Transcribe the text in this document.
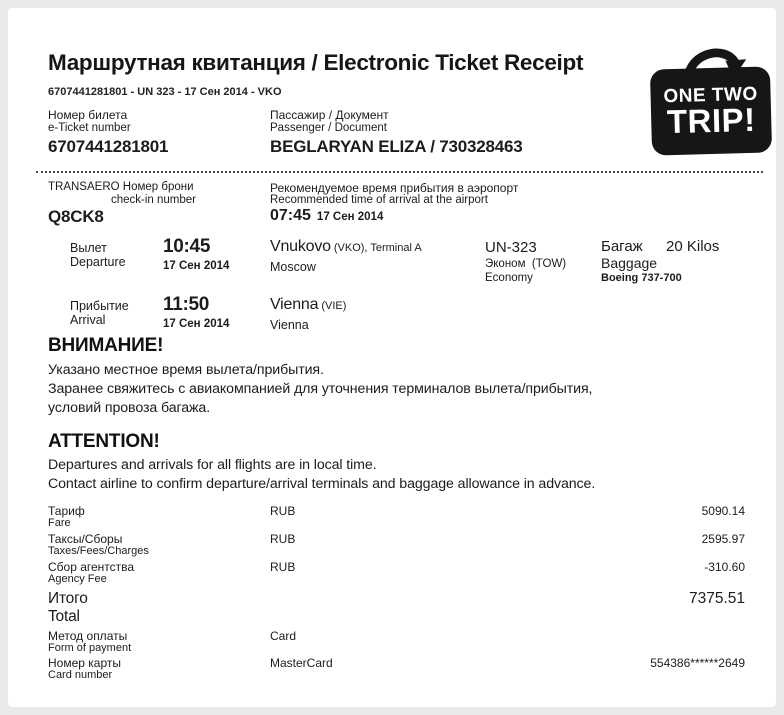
Маршрутная квитанция / Electronic Ticket Receipt
6707441281801 - UN 323 - 17 Сен 2014 - VKO	ONE TWO
TRIP!
Номер билета
e-Ticket number
6707441281801
Пассажир / Документ
Passenger / Document
BEGLARYAN ELIZA / 730328463
TRANSAERO Номер брони
check-in number
Q8CK8
Рекомендуемое время прибытия в аэропорт
Recommended time of arrival at the airport
07:45 17 Сен 2014
Вылет
Departure
10:45
17 Сен 2014
Vnukovo (VKO), Terminal A
Moscow
UN-323
Эконом  (TOW)
Economy
Багаж 20 Kilos
Baggage
Boeing 737-700
Прибытие
Arrival
11:50
17 Сен 2014
Vienna (VIE)
Vienna
ВНИМАНИЕ!
Указано местное время вылета/прибытия.
Заранее свяжитесь с авиакомпанией для уточнения терминалов вылета/прибытия,
условий провоза багажа.
ATTENTION!
Departures and arrivals for all flights are in local time.
Contact airline to confirm departure/arrival terminals and baggage allowance in advance.
Тариф
Fare
RUB	5090.14
Таксы/Сборы
Taxes/Fees/Charges
RUB	2595.97
Сбор агентства
Agency Fee
RUB	-310.60
Итого
Total
7375.51
Метод оплаты
Form of payment
Card
Номер карты
Card number
MasterCard	554386******2649
